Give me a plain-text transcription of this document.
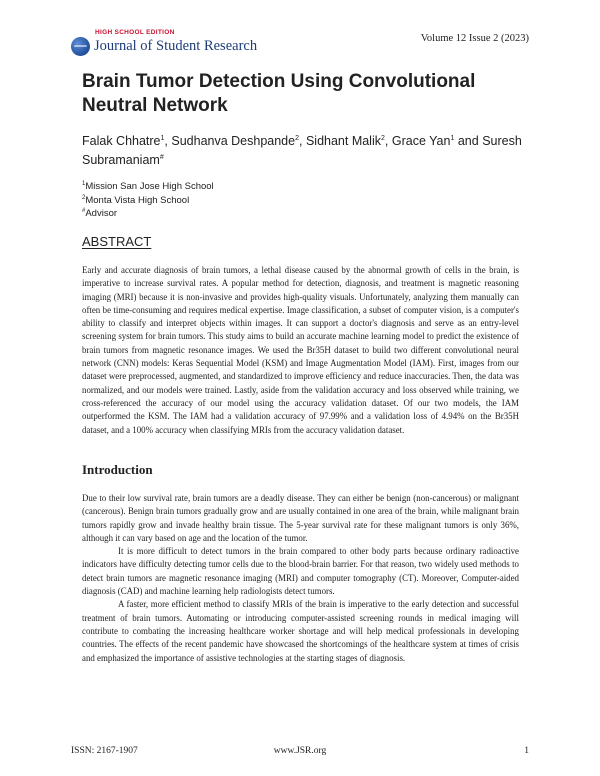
HIGH SCHOOL EDITION
Journal of Student Research	Volume 12 Issue 2 (2023)
Brain Tumor Detection Using Convolutional Neutral Network
Falak Chhatre$^1$, Sudhanva Deshpande$^2$, Sidhant Malik$^2$, Grace Yan$^1$ and Suresh Subramaniam#
$^1$Mission San Jose High School
$^2$Monta Vista High School
#Advisor
ABSTRACT

Early and accurate diagnosis of brain tumors, a lethal disease caused by the abnormal growth of cells in the brain, is imperative to increase survival rates. A popular method for detection, diagnosis, and treatment is magnetic reasoning imaging (MRI) because it is non-invasive and provides high-quality visuals. Unfortunately, analyzing them manually can often be time-consuming and requires medical expertise. Image classification, a subset of computer vision, is a computer's ability to classify and interpret objects within images. It can support a doctor's diagnosis and serve as an entry-level screening system for brain tumors. This study aims to build an accurate machine learning model to predict the existence of brain tumors from magnetic resonance images. We used the Br35H dataset to build two different convolutional neural network (CNN) models: Keras Sequential Model (KSM) and Image Augmentation Model (IAM). First, images from our dataset were preprocessed, augmented, and standardized to improve efficiency and reduce inaccuracies. Then, the data was normalized, and our models were trained. Lastly, aside from the validation accuracy and loss observed while training, we cross-referenced the accuracy of our model using the accuracy validation dataset. Of our two models, the IAM outperformed the KSM. The IAM had a validation accuracy of 97.99% and a validation loss of 4.94% on the Br35H dataset, and a 100% accuracy when classifying MRIs from the accuracy validation dataset.

Introduction

Due to their low survival rate, brain tumors are a deadly disease. They can either be benign (non-cancerous) or malignant (cancerous). Benign brain tumors gradually grow and are usually contained in one area of the brain, while malignant brain tumors rapidly grow and invade healthy brain tissue. The 5-year survival rate for these malignant tumors is only 36%, although it can vary based on age and the location of the tumor.

It is more difficult to detect tumors in the brain compared to other body parts because ordinary radioactive indicators have difficulty detecting tumor cells due to the blood-brain barrier. For that reason, two widely used methods to detect brain tumors are magnetic resonance imaging (MRI) and computer tomography (CT). Moreover, Computer-aided diagnosis (CAD) and machine learning help radiologists detect tumors.

A faster, more efficient method to classify MRIs of the brain is imperative to the early detection and successful treatment of brain tumors. Automating or introducing computer-assisted screening rounds in medical imaging will contribute to combating the increasing healthcare worker shortage and will help medical professionals in developing countries. The effects of the recent pandemic have showcased the shortcomings of the healthcare system at times of crisis and emphasized the importance of assistive technologies at the starting stages of diagnosis.

ISSN: 2167-1907	www.JSR.org	1
